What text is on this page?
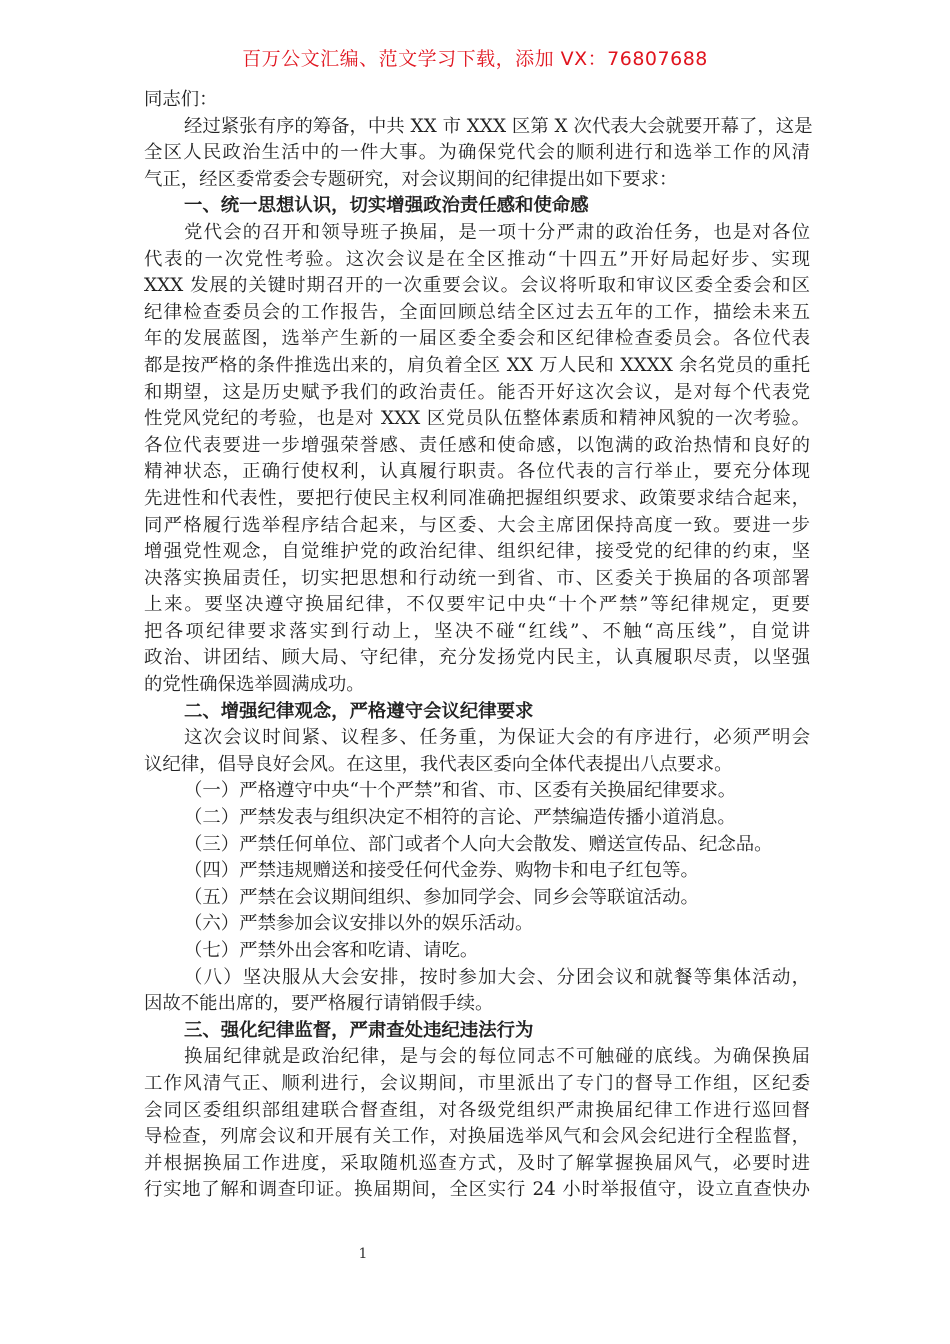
百万公文汇编、范文学习下载，添加 VX：76807688
同志们：
经过紧张有序的筹备，中共 XX 市 XXX 区第 X 次代表大会就要开幕了，这是
全区人民政治生活中的一件大事。为确保党代会的顺利进行和选举工作的风清
气正，经区委常委会专题研究，对会议期间的纪律提出如下要求：
一、统一思想认识，切实增强政治责任感和使命感
党代会的召开和领导班子换届，是一项十分严肃的政治任务，也是对各位
代表的一次党性考验。这次会议是在全区推动“十四五”开好局起好步、实现
XXX 发展的关键时期召开的一次重要会议。会议将听取和审议区委全委会和区
纪律检查委员会的工作报告，全面回顾总结全区过去五年的工作，描绘未来五
年的发展蓝图，选举产生新的一届区委全委会和区纪律检查委员会。各位代表
都是按严格的条件推选出来的，肩负着全区 XX 万人民和 XXXX 余名党员的重托
和期望，这是历史赋予我们的政治责任。能否开好这次会议，是对每个代表党
性党风党纪的考验，也是对 XXX 区党员队伍整体素质和精神风貌的一次考验。
各位代表要进一步增强荣誉感、责任感和使命感，以饱满的政治热情和良好的
精神状态，正确行使权利，认真履行职责。各位代表的言行举止，要充分体现
先进性和代表性，要把行使民主权利同准确把握组织要求、政策要求结合起来，
同严格履行选举程序结合起来，与区委、大会主席团保持高度一致。要进一步
增强党性观念，自觉维护党的政治纪律、组织纪律，接受党的纪律的约束，坚
决落实换届责任，切实把思想和行动统一到省、市、区委关于换届的各项部署
上来。要坚决遵守换届纪律，不仅要牢记中央“十个严禁”等纪律规定，更要
把各项纪律要求落实到行动上，坚决不碰“红线”、不触“高压线”，自觉讲
政治、讲团结、顾大局、守纪律，充分发扬党内民主，认真履职尽责，以坚强
的党性确保选举圆满成功。
二、增强纪律观念，严格遵守会议纪律要求
这次会议时间紧、议程多、任务重，为保证大会的有序进行，必须严明会
议纪律，倡导良好会风。在这里，我代表区委向全体代表提出八点要求。
（一）严格遵守中央“十个严禁”和省、市、区委有关换届纪律要求。
（二）严禁发表与组织决定不相符的言论、严禁编造传播小道消息。
（三）严禁任何单位、部门或者个人向大会散发、赠送宣传品、纪念品。
（四）严禁违规赠送和接受任何代金券、购物卡和电子红包等。
（五）严禁在会议期间组织、参加同学会、同乡会等联谊活动。
（六）严禁参加会议安排以外的娱乐活动。
（七）严禁外出会客和吃请、请吃。
（八）坚决服从大会安排，按时参加大会、分团会议和就餐等集体活动，
因故不能出席的，要严格履行请销假手续。
三、强化纪律监督，严肃查处违纪违法行为
换届纪律就是政治纪律，是与会的每位同志不可触碰的底线。为确保换届
工作风清气正、顺利进行，会议期间，市里派出了专门的督导工作组，区纪委
会同区委组织部组建联合督查组，对各级党组织严肃换届纪律工作进行巡回督
导检查，列席会议和开展有关工作，对换届选举风气和会风会纪进行全程监督，
并根据换届工作进度，采取随机巡查方式，及时了解掌握换届风气，必要时进
行实地了解和调查印证。换届期间，全区实行 24 小时举报值守，设立直查快办
1
